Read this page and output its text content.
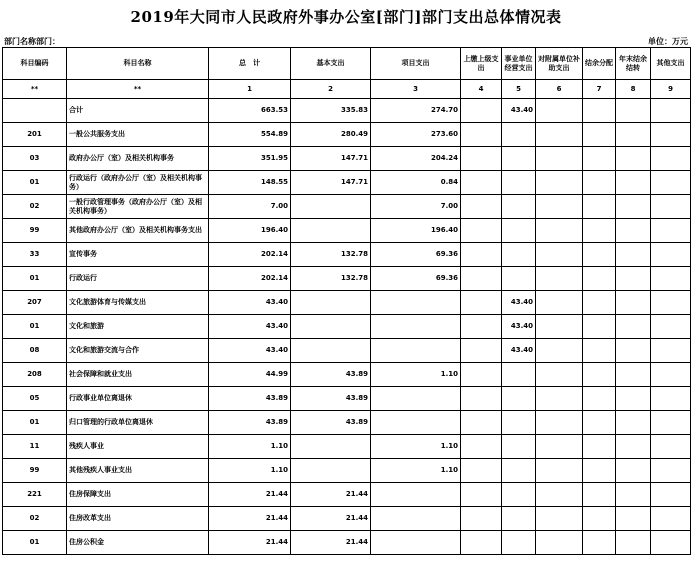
2019年大同市人民政府外事办公室[部门]部门支出总体情况表
部门名称部门：	单位：万元
科目编码	科目名称	总　计	基本支出	项目支出	上缴上级支出	事业单位经营支出	对附属单位补助支出	结余分配	年末结余结转	其他支出
**	**	1	2	3	4	5	6	7	8	9
	合计	663.53	335.83	274.70		43.40				
201	一般公共服务支出	554.89	280.49	273.60						
03	政府办公厅（室）及相关机构事务	351.95	147.71	204.24						
01	行政运行（政府办公厅（室）及相关机构事务）	148.55	147.71	0.84						
02	一般行政管理事务（政府办公厅（室）及相关机构事务）	7.00		7.00						
99	其他政府办公厅（室）及相关机构事务支出	196.40		196.40						
33	宣传事务	202.14	132.78	69.36						
01	行政运行	202.14	132.78	69.36						
207	文化旅游体育与传媒支出	43.40				43.40				
01	文化和旅游	43.40				43.40				
08	文化和旅游交流与合作	43.40				43.40				
208	社会保障和就业支出	44.99	43.89	1.10						
05	行政事业单位离退休	43.89	43.89							
01	归口管理的行政单位离退休	43.89	43.89							
11	残疾人事业	1.10		1.10						
99	其他残疾人事业支出	1.10		1.10						
221	住房保障支出	21.44	21.44							
02	住房改革支出	21.44	21.44							
01	住房公积金	21.44	21.44							
